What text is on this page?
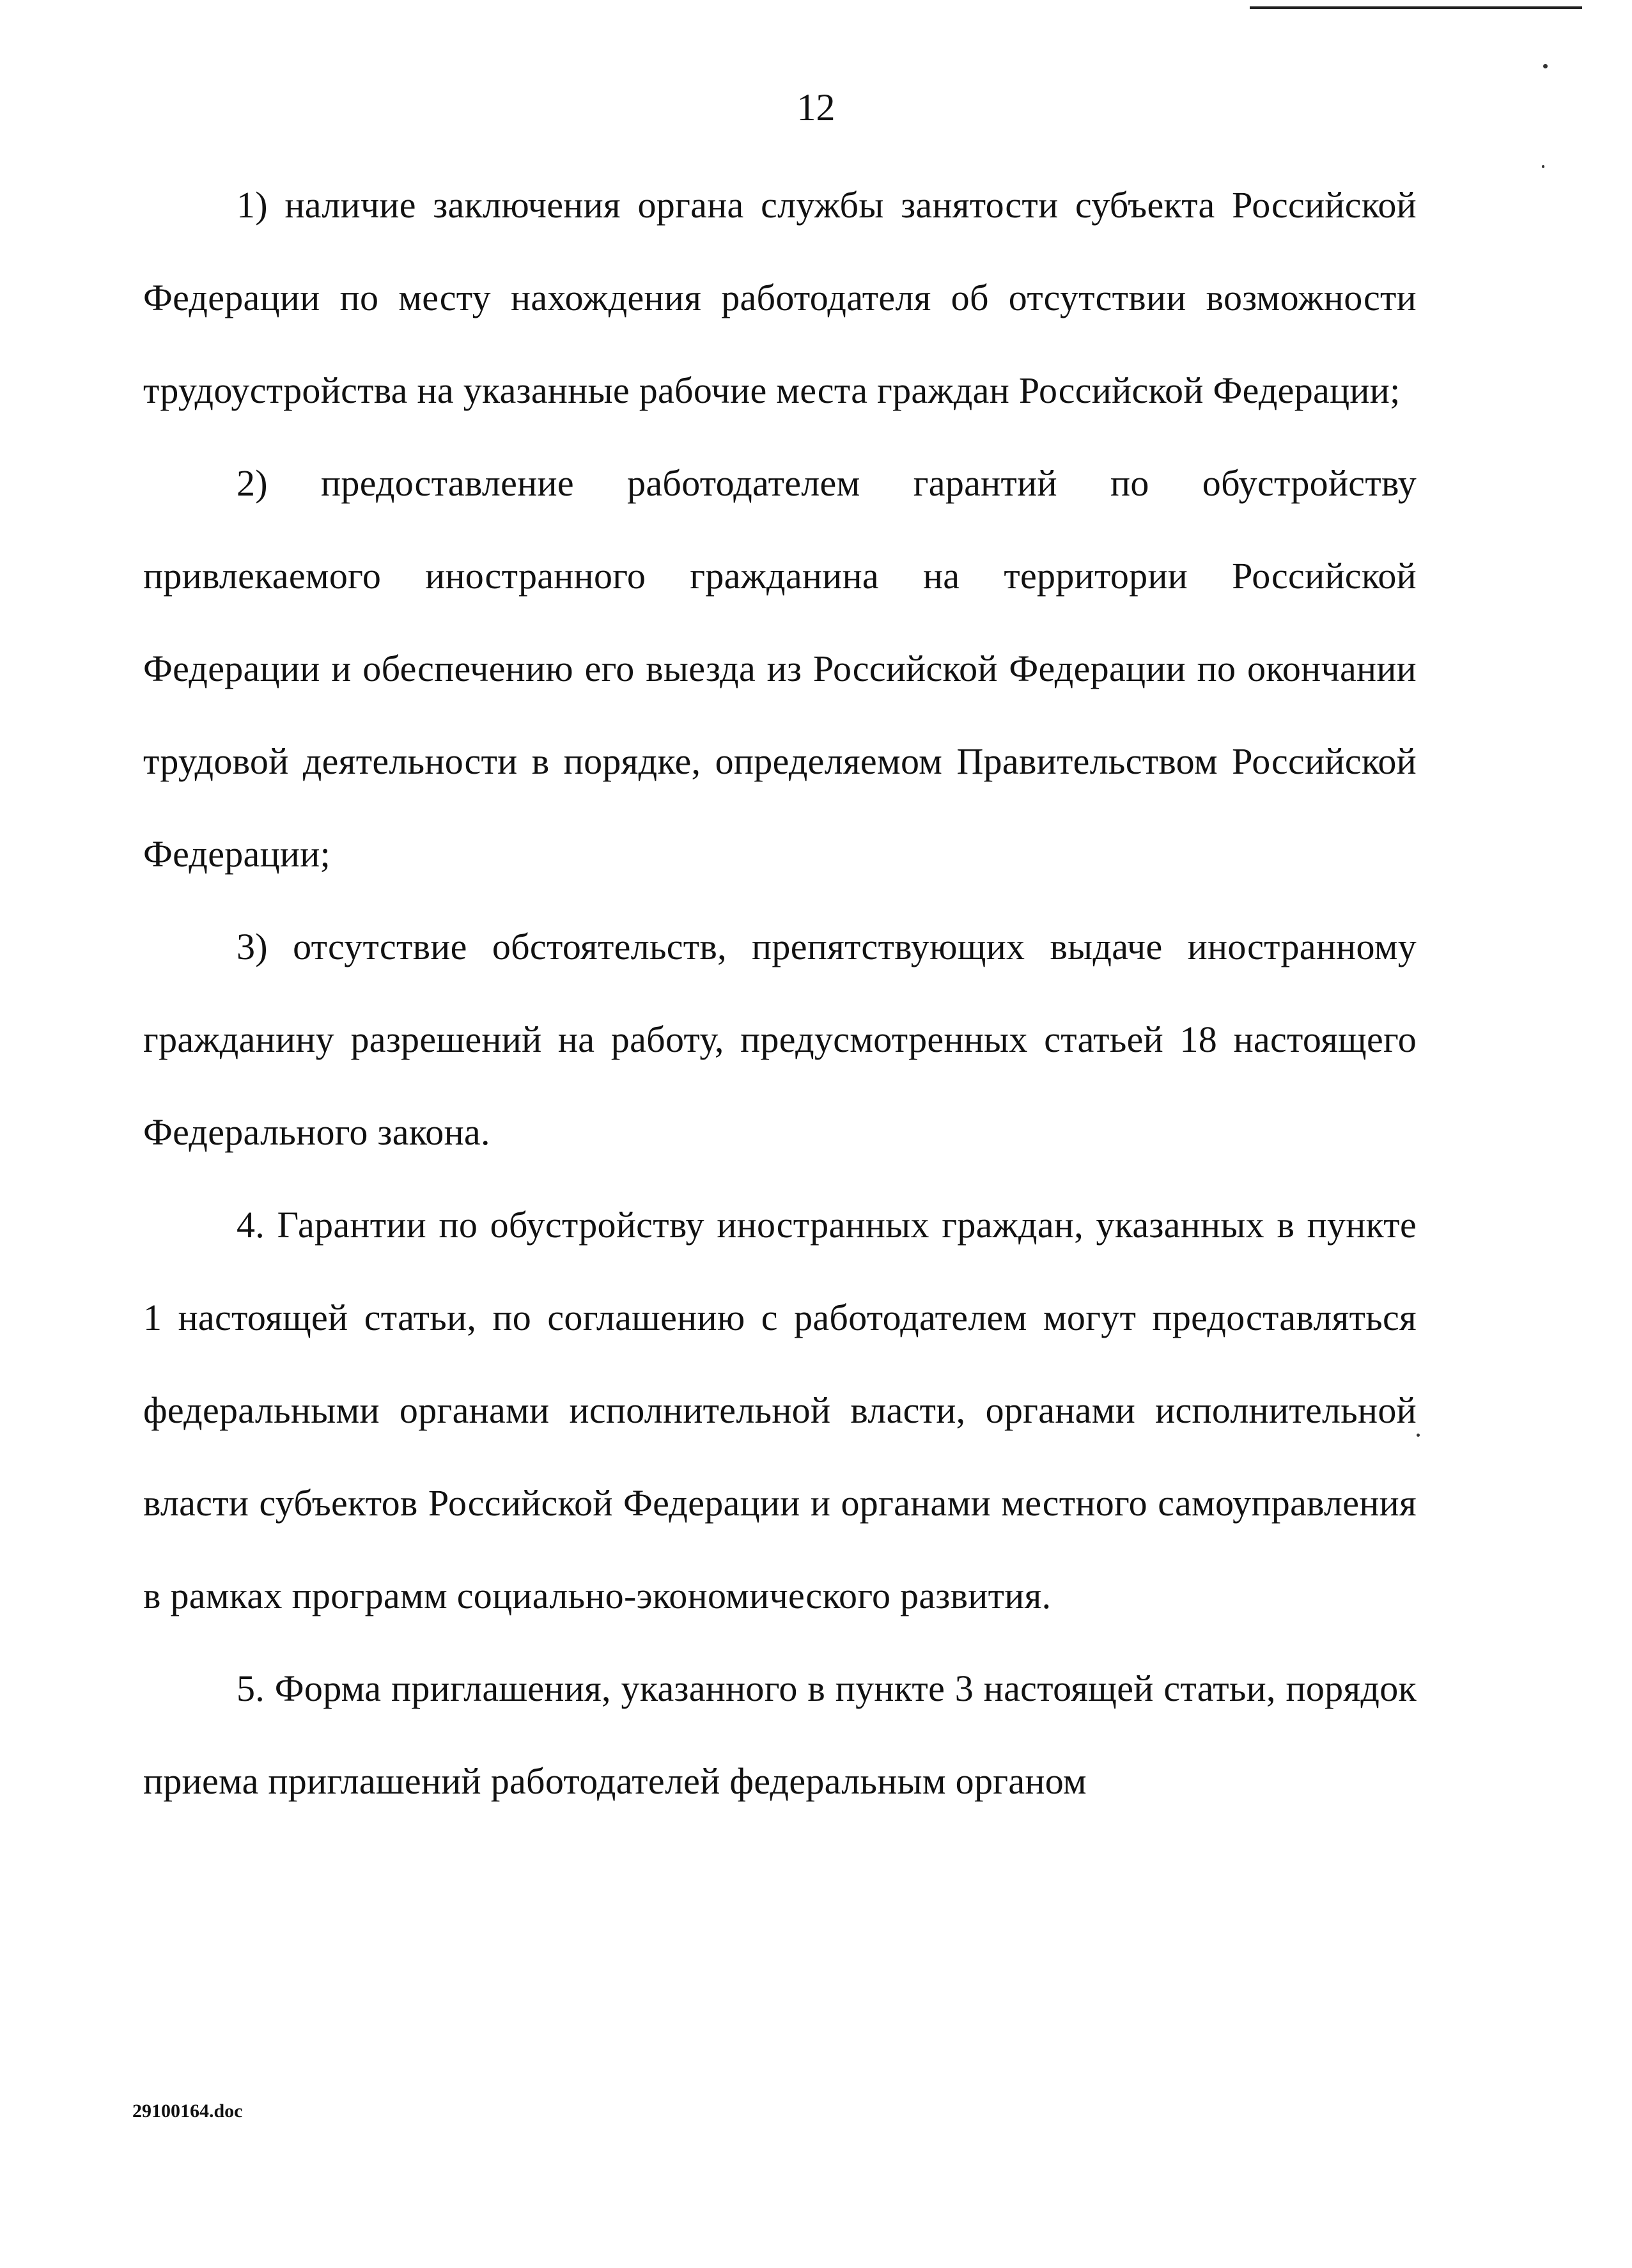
12

1) наличие заключения органа службы занятости субъекта Российской Федерации по месту нахождения работодателя об отсутствии возможности трудоустройства на указанные рабочие места граждан Российской Федерации;

2) предоставление работодателем гарантий по обустройству привлекаемого иностранного гражданина на территории Российской Федерации и обеспечению его выезда из Российской Федерации по окончании трудовой деятельности в порядке, определяемом Правительством Российской Федерации;

3) отсутствие обстоятельств, препятствующих выдаче иностранному гражданину разрешений на работу, предусмотренных статьей 18 настоящего Федерального закона.

4. Гарантии по обустройству иностранных граждан, указанных в пункте 1 настоящей статьи, по соглашению с работодателем могут предоставляться федеральными органами исполнительной власти, органами исполнительной власти субъектов Российской Федерации и органами местного самоуправления в рамках программ социально-экономического развития.

5. Форма приглашения, указанного в пункте 3 настоящей статьи, порядок приема приглашений работодателей федеральным органом

29100164.doc
